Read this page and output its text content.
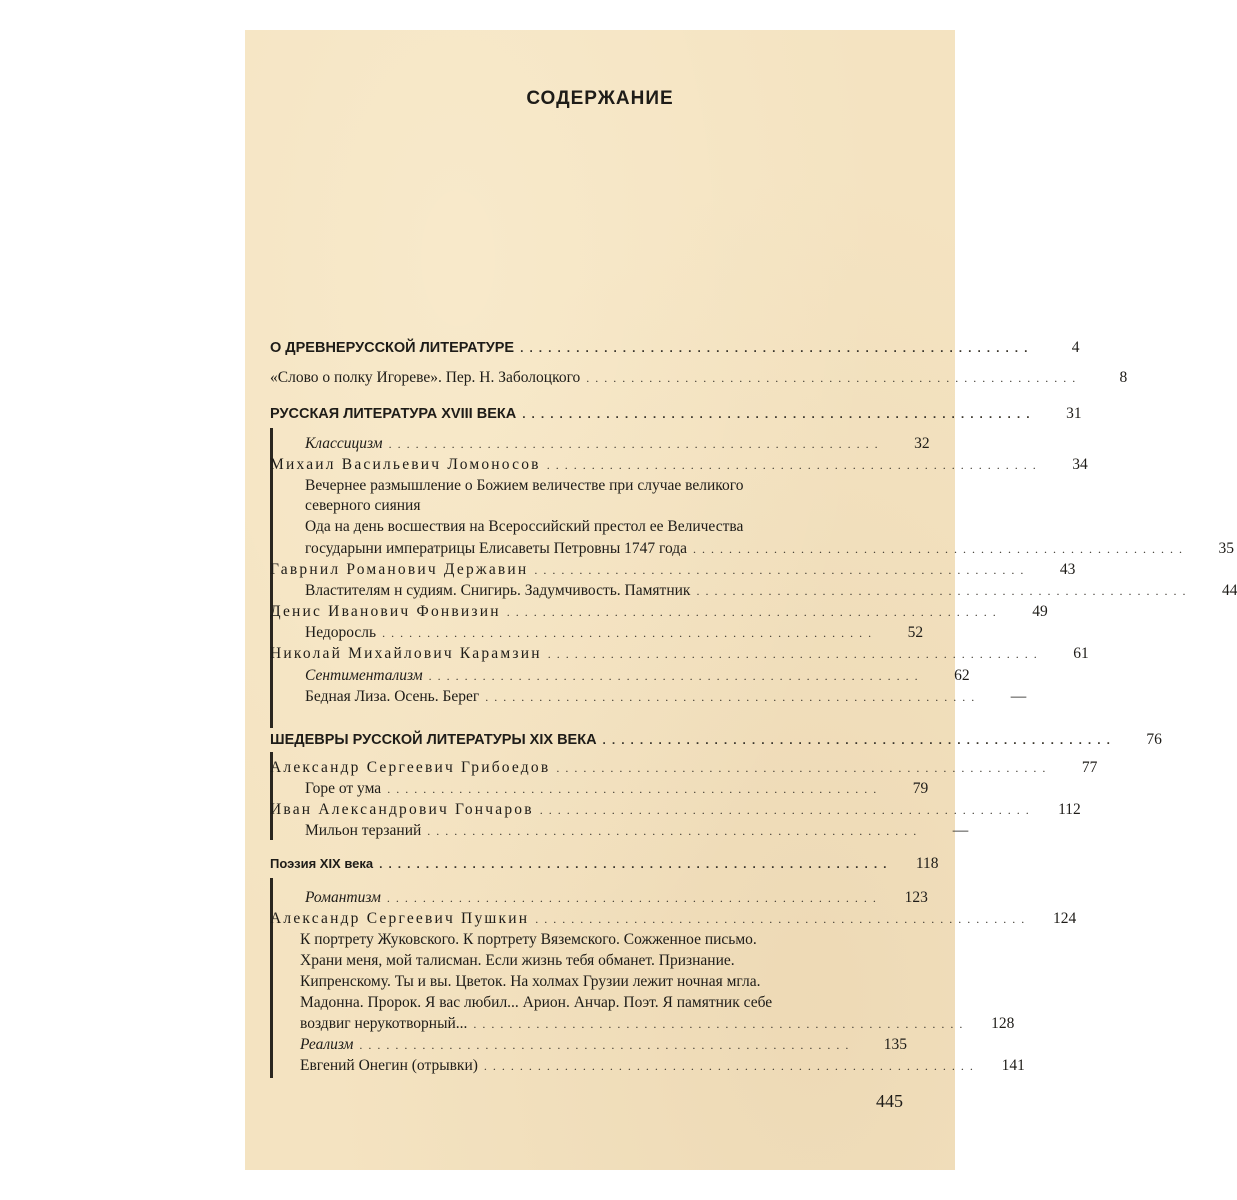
СОДЕРЖАНИЕ
О ДРЕВНЕРУССКОЙ ЛИТЕРАТУРЕ .......................................................	4
«Слово о полку Игореве». Пер. Н. Заболоцкого .......................................................	8
РУССКАЯ ЛИТЕРАТУРА XVIII ВЕКА .......................................................	31
Классицизм .......................................................	32
Михаил Васильевич Ломоносов .......................................................	34
Вечернее размышление о Божием величестве при случае великого
северного сияния
Ода на день восшествия на Всероссийский престол ее Величества
государыни императрицы Елисаветы Петровны 1747 года .......................................................	35
Гаврнил Романович Державин .......................................................	43
Властителям н судиям. Снигирь. Задумчивость. Памятник .......................................................	44
Денис Иванович Фонвизин .......................................................	49
Недоросль .......................................................	52
Николай Михайлович Карамзин .......................................................	61
Сентиментализм .......................................................	62
Бедная Лиза. Осень. Берег .......................................................	—
ШЕДЕВРЫ РУССКОЙ ЛИТЕРАТУРЫ XIX ВЕКА .......................................................	76
Александр Сергеевич Грибоедов .......................................................	77
Горе от ума .......................................................	79
Иван Александрович Гончаров .......................................................	112
Мильон терзаний .......................................................	—
Поэзия XIX века .......................................................	118
Романтизм .......................................................	123
Александр Сергеевич Пушкин .......................................................	124
К портрету Жуковского. К портрету Вяземского. Сожженное письмо.
Храни меня, мой талисман. Если жизнь тебя обманет. Признание.
Кипренскому. Ты и вы. Цветок. На холмах Грузии лежит ночная мгла.
Мадонна. Пророк. Я вас любил... Арион. Анчар. Поэт. Я памятник себе
воздвиг нерукотворный... .......................................................	128
Реализм .......................................................	135
Евгений Онегин (отрывки) .......................................................	141
445
